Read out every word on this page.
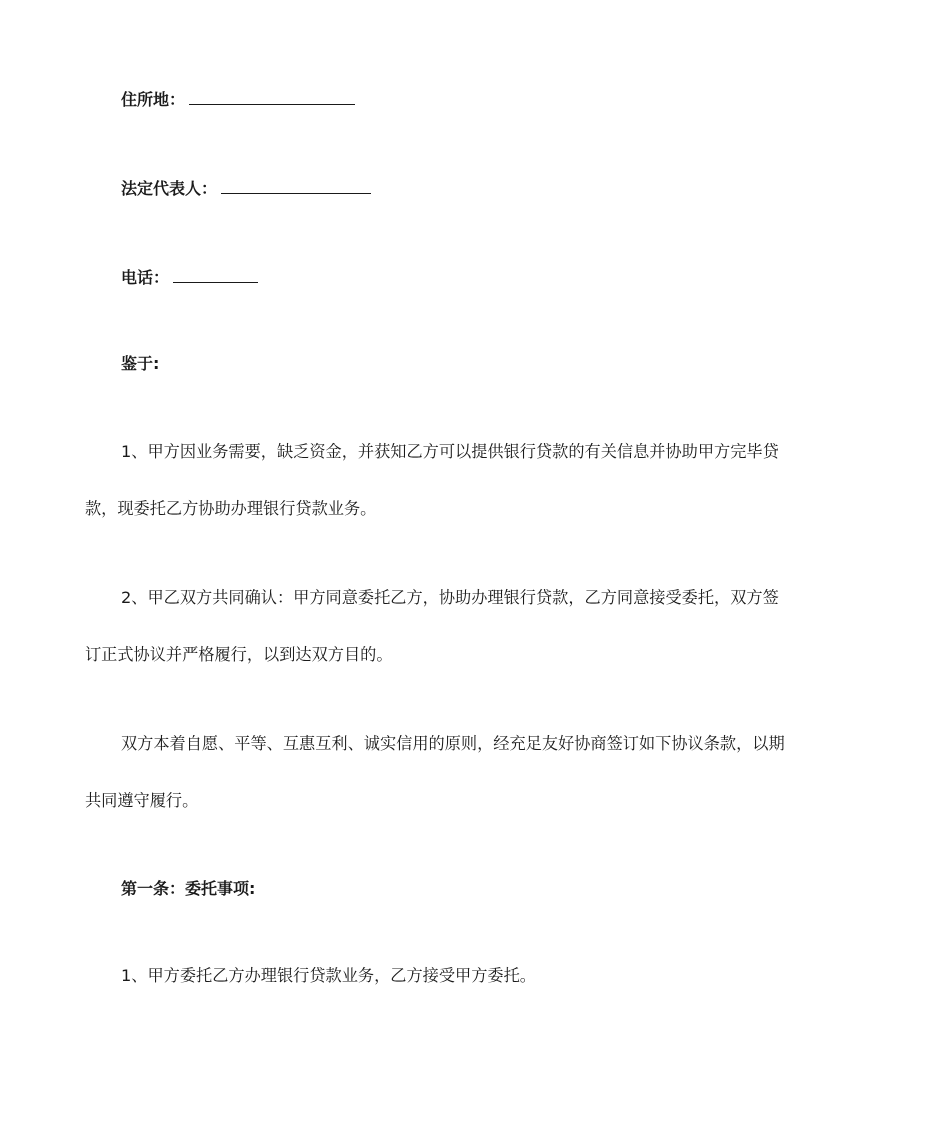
住所地：
法定代表人：
电话：
鉴于:
1、甲方因业务需要，缺乏资金，并获知乙方可以提供银行贷款的有关信息并协助甲方完毕贷
款，现委托乙方协助办理银行贷款业务。
2、甲乙双方共同确认：甲方同意委托乙方，协助办理银行贷款，乙方同意接受委托，双方签
订正式协议并严格履行，以到达双方目的。
双方本着自愿、平等、互惠互利、诚实信用的原则，经充足友好协商签订如下协议条款，以期
共同遵守履行。
第一条：委托事项:
1、甲方委托乙方办理银行贷款业务，乙方接受甲方委托。
